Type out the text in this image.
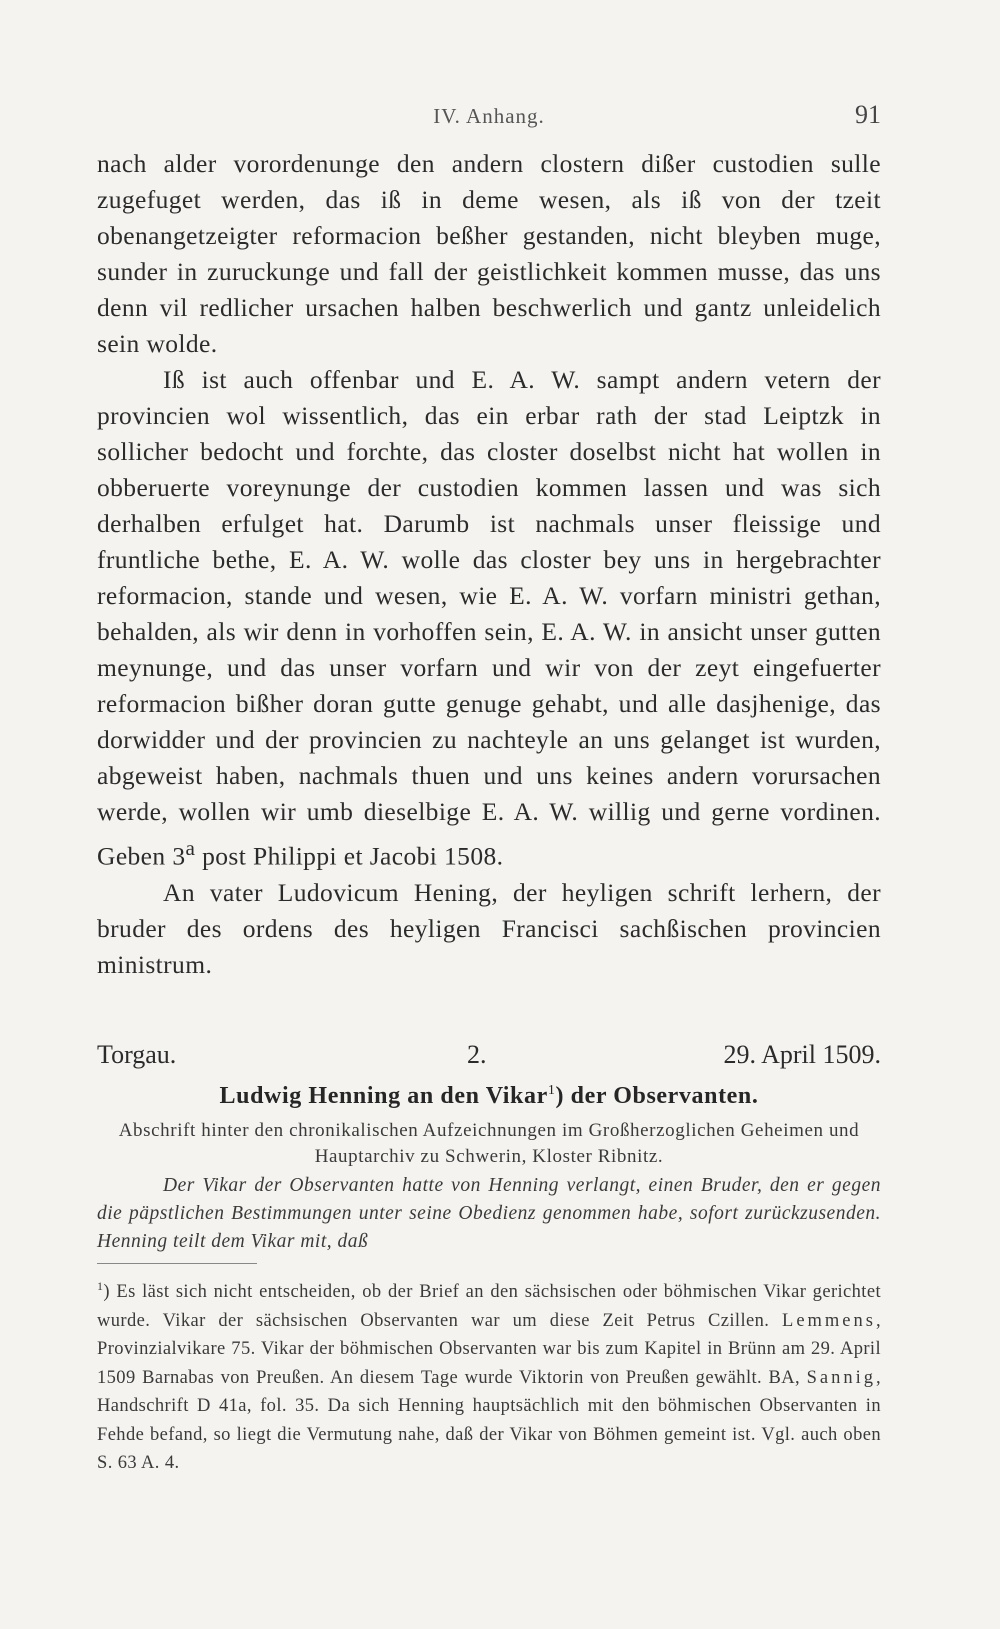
IV. Anhang.	91

nach alder vorordenunge den andern clostern dißer custodien sulle zugefuget werden, das iß in deme wesen, als iß von der tzeit obenangetzeigter reformacion beßher gestanden, nicht bleyben muge, sunder in zuruckunge und fall der geistlichkeit kommen musse, das uns denn vil redlicher ursachen halben beschwerlich und gantz unleidelich sein wolde.

Iß ist auch offenbar und E. A. W. sampt andern vetern der provincien wol wissentlich, das ein erbar rath der stad Leiptzk in sollicher bedocht und forchte, das closter doselbst nicht hat wollen in obberuerte voreynunge der custodien kommen lassen und was sich derhalben erfulget hat. Darumb ist nachmals unser fleissige und fruntliche bethe, E. A. W. wolle das closter bey uns in hergebrachter reformacion, stande und wesen, wie E. A. W. vorfarn ministri gethan, behalden, als wir denn in vorhoffen sein, E. A. W. in ansicht unser gutten meynunge, und das unser vorfarn und wir von der zeyt eingefuerter reformacion bißher doran gutte genuge gehabt, und alle dasjhenige, das dorwidder und der provincien zu nachteyle an uns gelanget ist wurden, abgeweist haben, nachmals thuen und uns keines andern vorursachen werde, wollen wir umb dieselbige E. A. W. willig und gerne vordinen. Geben 3$^a$ post Philippi et Jacobi 1508.

An vater Ludovicum Hening, der heyligen schrift lerhern, der bruder des ordens des heyligen Francisci sachßischen provincien ministrum.

Torgau.	2.	29. April 1509.
Ludwig Henning an den Vikar$^1$) der Observanten.
Abschrift hinter den chronikalischen Aufzeichnungen im Großherzoglichen Geheimen und Hauptarchiv zu Schwerin, Kloster Ribnitz.
Der Vikar der Observanten hatte von Henning verlangt, einen Bruder, den er gegen die päpstlichen Bestimmungen unter seine Obedienz genommen habe, sofort zurückzusenden. Henning teilt dem Vikar mit, daß
$^1$) Es läst sich nicht entscheiden, ob der Brief an den sächsischen oder böhmischen Vikar gerichtet wurde. Vikar der sächsischen Observanten war um diese Zeit Petrus Czillen. Lemmens, Provinzialvikare 75. Vikar der böhmischen Observanten war bis zum Kapitel in Brünn am 29. April 1509 Barnabas von Preußen. An diesem Tage wurde Viktorin von Preußen gewählt. BA, Sannig, Handschrift D 41a, fol. 35. Da sich Henning hauptsächlich mit den böhmischen Observanten in Fehde befand, so liegt die Vermutung nahe, daß der Vikar von Böhmen gemeint ist. Vgl. auch oben S. 63 A. 4.
